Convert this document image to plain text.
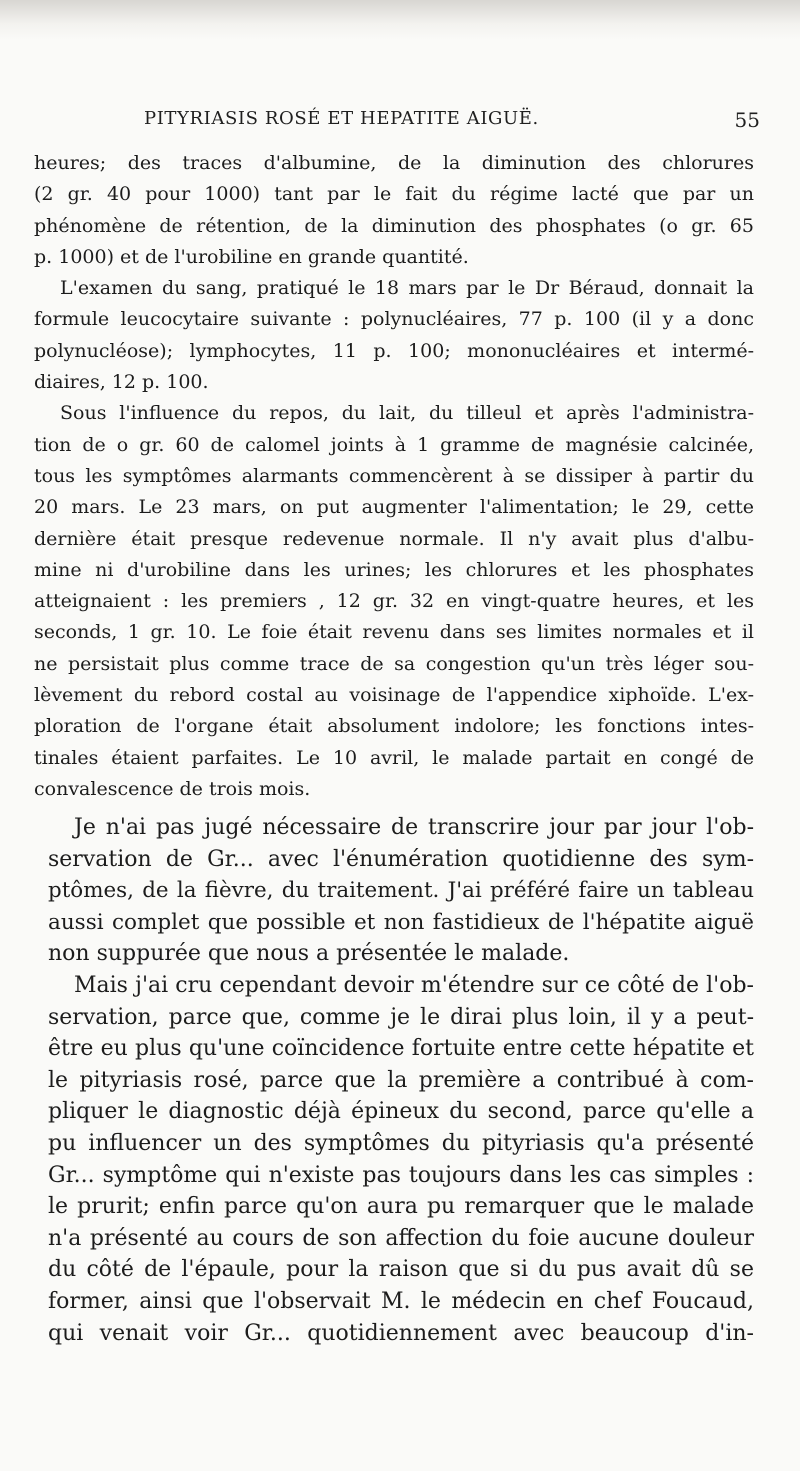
PITYRIASIS ROSÉ ET HEPATITE AIGUË.	55
heures; des traces d'albumine, de la diminution des chlorures
(2 gr. 40 pour 1000) tant par le fait du régime lacté que par un
phénomène de rétention, de la diminution des phosphates (o gr. 65
p. 1000) et de l'urobiline en grande quantité.
L'examen du sang, pratiqué le 18 mars par le Dr Béraud, donnait la
formule leucocytaire suivante : polynucléaires, 77 p. 100 (il y a donc
polynucléose); lymphocytes, 11 p. 100; mononucléaires et intermé-
diaires, 12 p. 100.
Sous l'influence du repos, du lait, du tilleul et après l'administra-
tion de o gr. 60 de calomel joints à 1 gramme de magnésie calcinée,
tous les symptômes alarmants commencèrent à se dissiper à partir du
20 mars. Le 23 mars, on put augmenter l'alimentation; le 29, cette
dernière était presque redevenue normale. Il n'y avait plus d'albu-
mine ni d'urobiline dans les urines; les chlorures et les phosphates
atteignaient : les premiers , 12 gr. 32 en vingt-quatre heures, et les
seconds, 1 gr. 10. Le foie était revenu dans ses limites normales et il
ne persistait plus comme trace de sa congestion qu'un très léger sou-
lèvement du rebord costal au voisinage de l'appendice xiphoïde. L'ex-
ploration de l'organe était absolument indolore; les fonctions intes-
tinales étaient parfaites. Le 10 avril, le malade partait en congé de
convalescence de trois mois.
Je n'ai pas jugé nécessaire de transcrire jour par jour l'ob-
servation de Gr... avec l'énumération quotidienne des sym-
ptômes, de la fièvre, du traitement. J'ai préféré faire un tableau
aussi complet que possible et non fastidieux de l'hépatite aiguë
non suppurée que nous a présentée le malade.
Mais j'ai cru cependant devoir m'étendre sur ce côté de l'ob-
servation, parce que, comme je le dirai plus loin, il y a peut-
être eu plus qu'une coïncidence fortuite entre cette hépatite et
le pityriasis rosé, parce que la première a contribué à com-
pliquer le diagnostic déjà épineux du second, parce qu'elle a
pu influencer un des symptômes du pityriasis qu'a présenté
Gr... symptôme qui n'existe pas toujours dans les cas simples :
le prurit; enfin parce qu'on aura pu remarquer que le malade
n'a présenté au cours de son affection du foie aucune douleur
du côté de l'épaule, pour la raison que si du pus avait dû se
former, ainsi que l'observait M. le médecin en chef Foucaud,
qui venait voir Gr... quotidiennement avec beaucoup d'in-
